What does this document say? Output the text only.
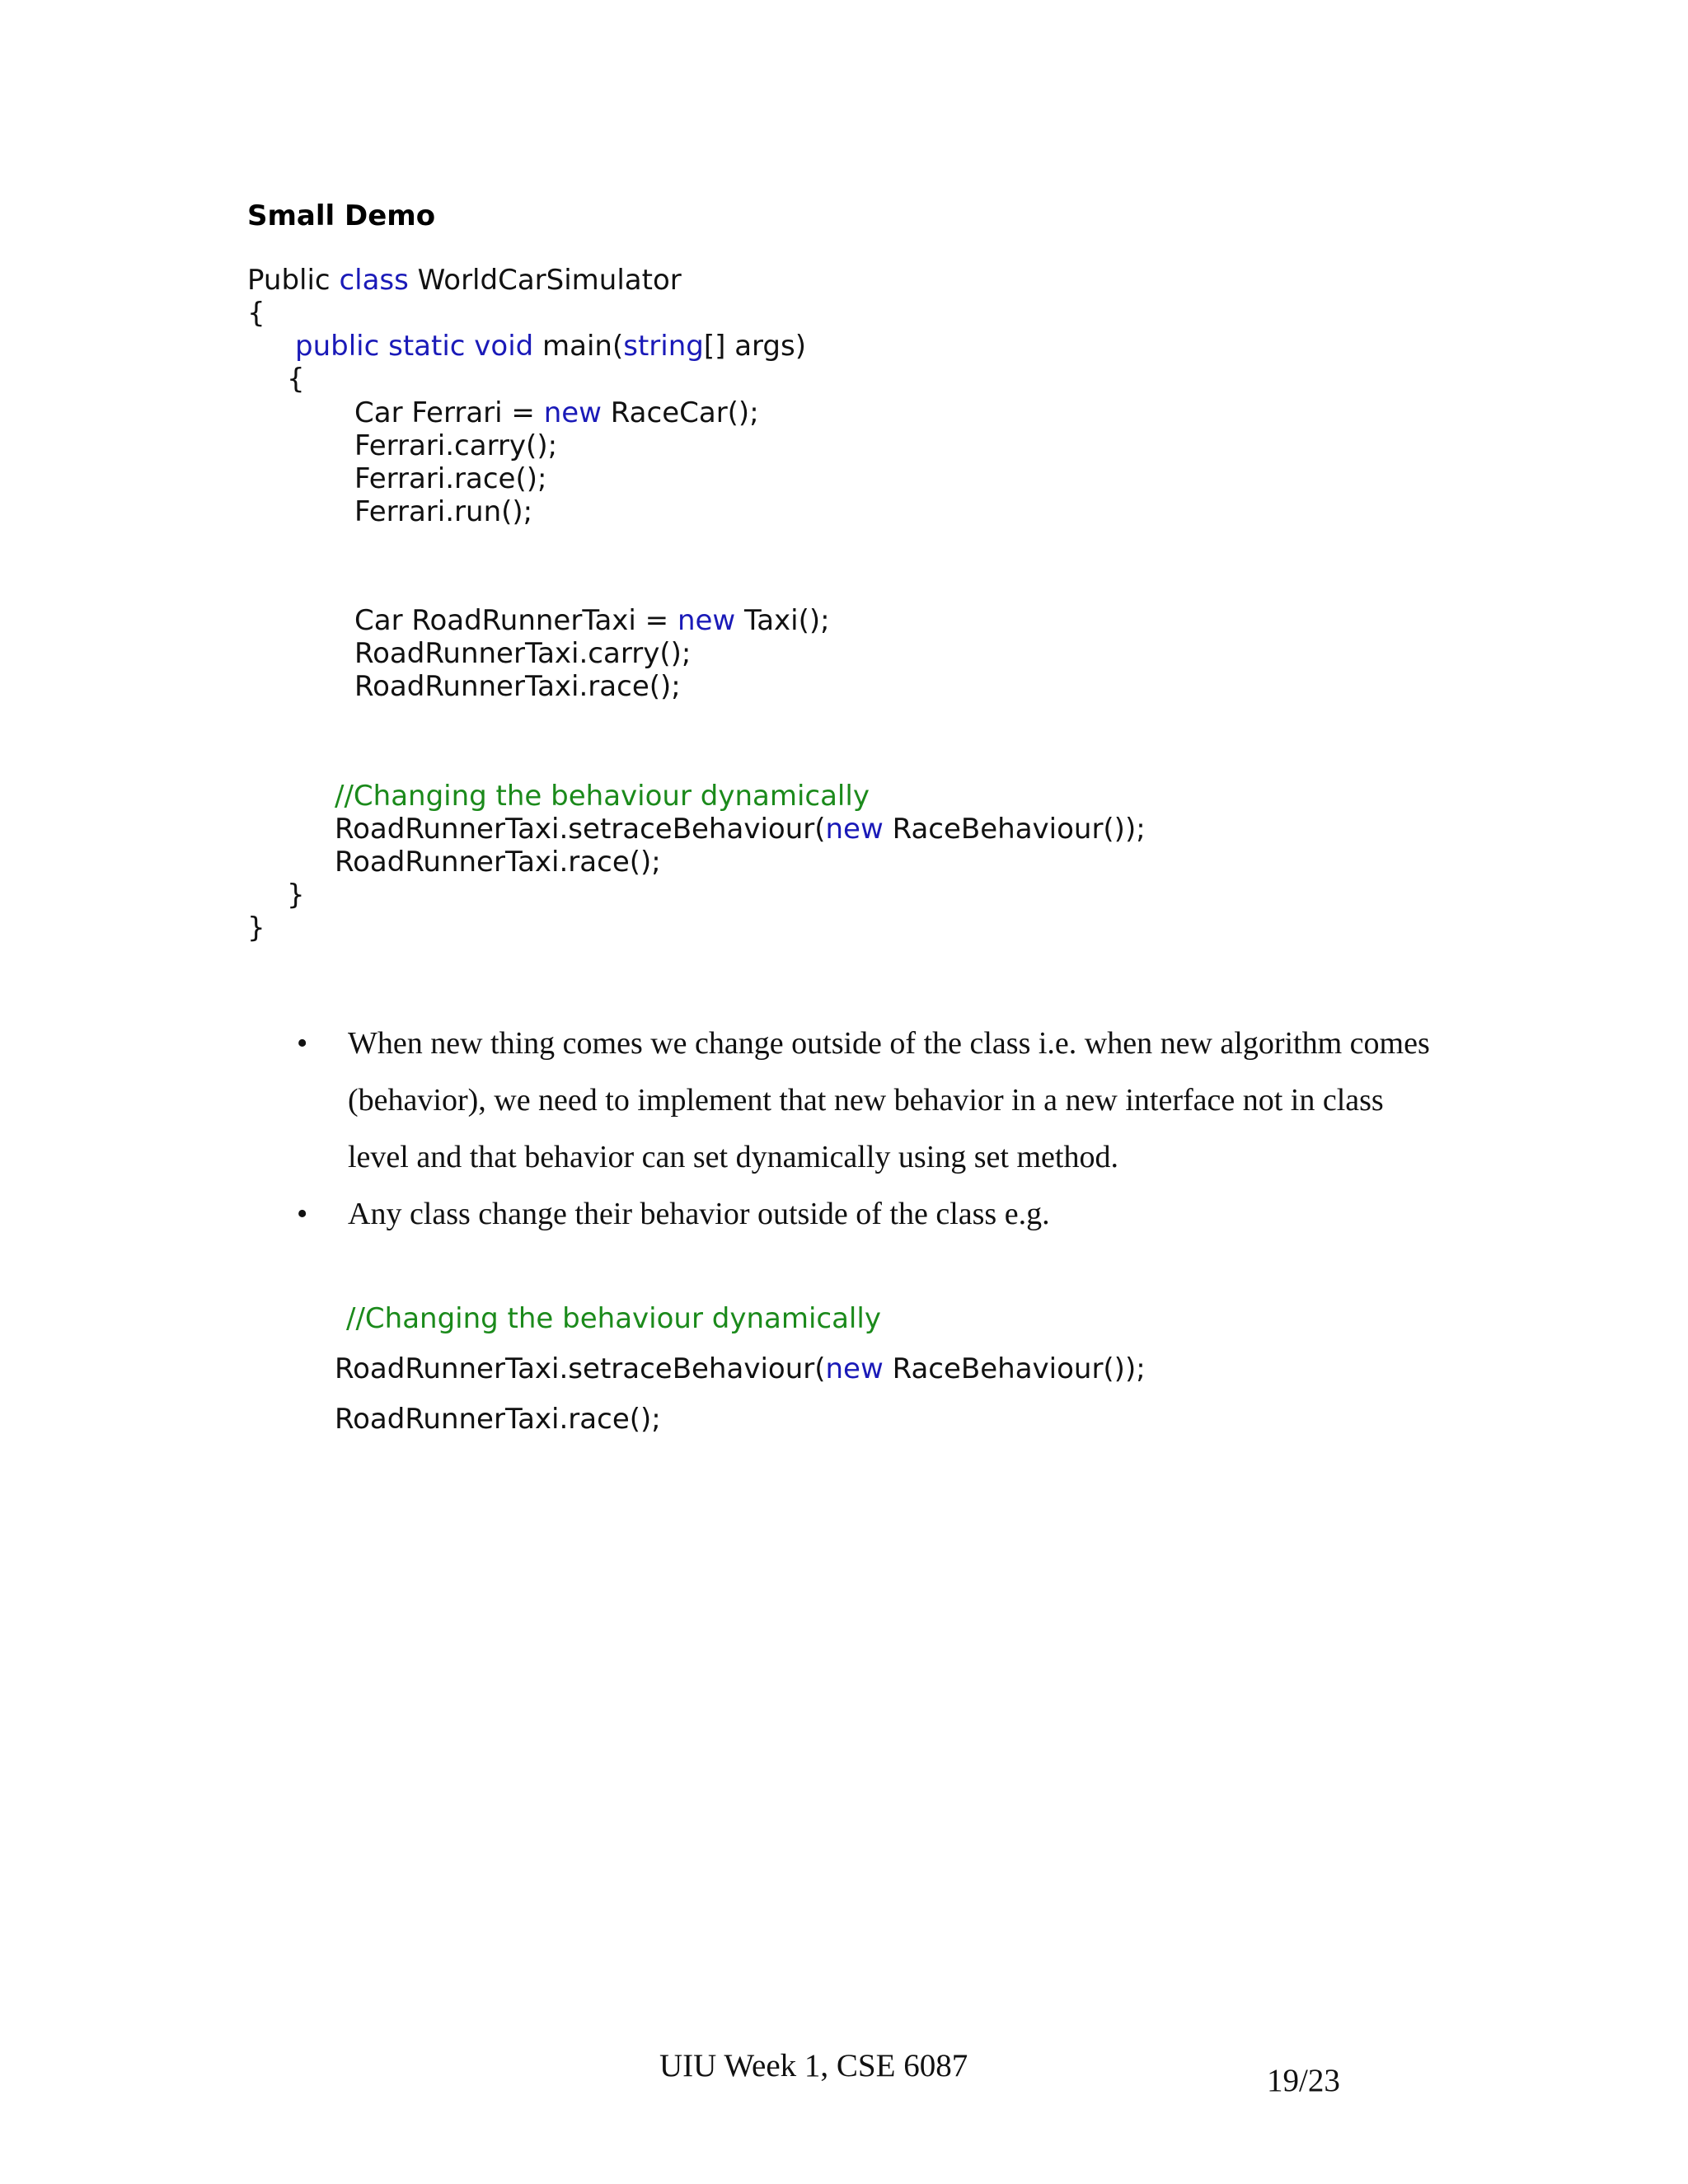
Small Demo
Public class WorldCarSimulator
{
public static void main(string[] args)
{
Car Ferrari = new RaceCar();
Ferrari.carry();
Ferrari.race();
Ferrari.run();
Car RoadRunnerTaxi = new Taxi();
RoadRunnerTaxi.carry();
RoadRunnerTaxi.race();
//Changing the behaviour dynamically
RoadRunnerTaxi.setraceBehaviour(new RaceBehaviour());
RoadRunnerTaxi.race();
}
}
• When new thing comes we change outside of the class i.e. when new algorithm comes (behavior), we need to implement that new behavior in a new interface not in class level and that behavior can set dynamically using set method.
• Any class change their behavior outside of the class e.g.
//Changing the behaviour dynamically
RoadRunnerTaxi.setraceBehaviour(new RaceBehaviour());
RoadRunnerTaxi.race();
UIU Week 1, CSE 6087	19/23
